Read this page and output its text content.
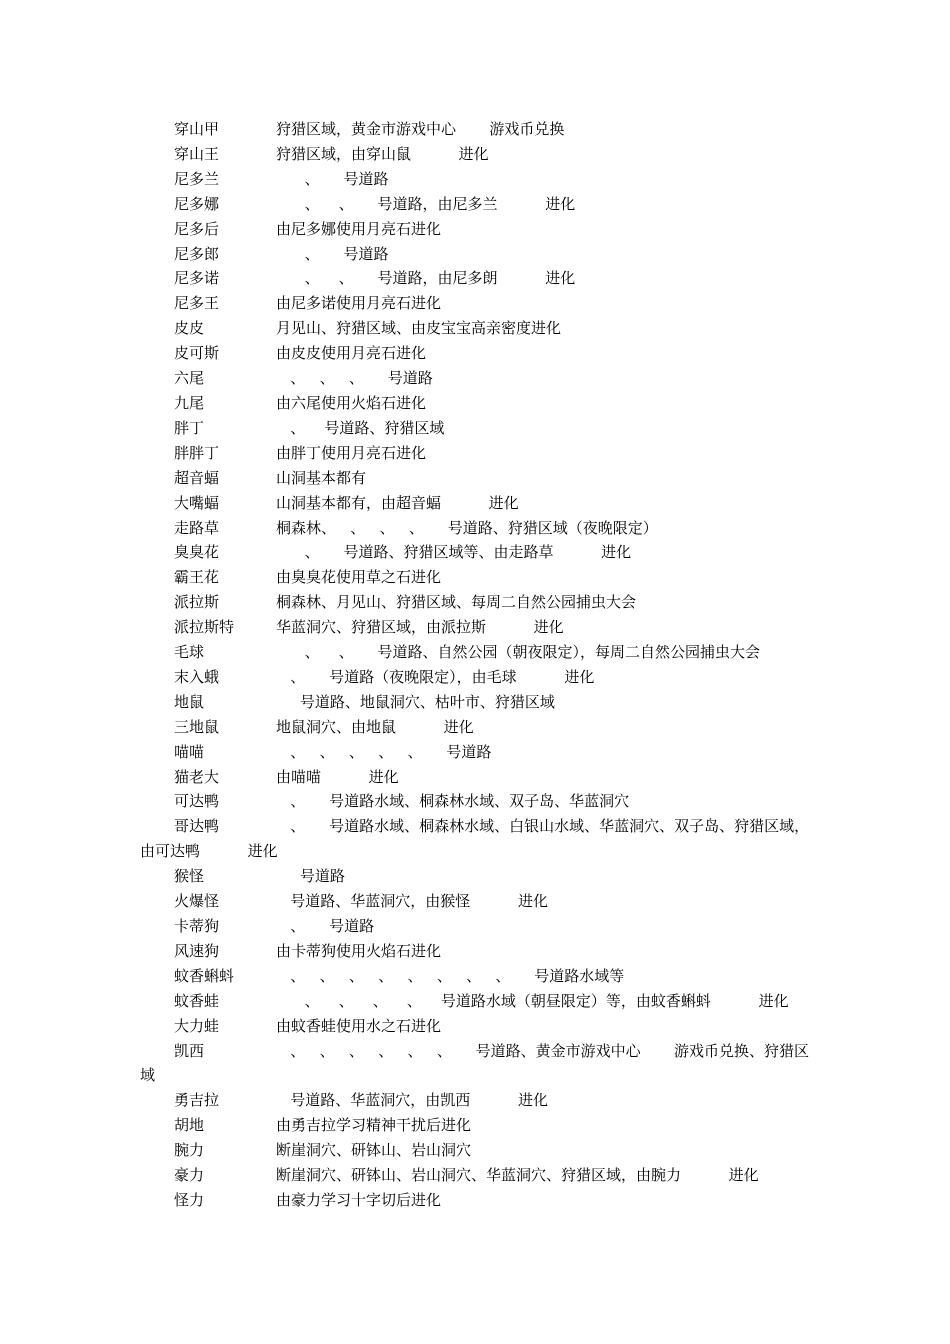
穿山甲	狩猎区域，黄金市游戏中心       游戏币兑换
穿山王	狩猎区域，由穿山鼠          进化
尼多兰	、     号道路
尼多娜	、    、     号道路，由尼多兰          进化
尼多后	由尼多娜使用月亮石进化
尼多郎	、     号道路
尼多诺	、    、     号道路，由尼多朗          进化
尼多王	由尼多诺使用月亮石进化
皮皮	月见山、狩猎区域、由皮宝宝高亲密度进化
皮可斯	由皮皮使用月亮石进化
六尾	、   、   、     号道路
九尾	由六尾使用火焰石进化
胖丁	、    号道路、狩猎区域
胖胖丁	由胖丁使用月亮石进化
超音蝠	山洞基本都有
大嘴蝠	山洞基本都有，由超音蝠          进化
走路草	桐森林、   、   、   、     号道路、狩猎区域（夜晚限定）
臭臭花	、     号道路、狩猎区域等、由走路草          进化
霸王花	由臭臭花使用草之石进化
派拉斯	桐森林、月见山、狩猎区域、每周二自然公园捕虫大会
派拉斯特	华蓝洞穴、狩猎区域，由派拉斯          进化
毛球	、    、     号道路、自然公园（朝夜限定），每周二自然公园捕虫大会
末入蛾	、     号道路（夜晚限定），由毛球          进化
地鼠	号道路、地鼠洞穴、枯叶市、狩猎区域
三地鼠	地鼠洞穴、由地鼠          进化
喵喵	、   、   、   、   、     号道路
猫老大	由喵喵          进化
可达鸭	、     号道路水域、桐森林水域、双子岛、华蓝洞穴
哥达鸭	、     号道路水域、桐森林水域、白银山水域、华蓝洞穴、双子岛、狩猎区域，由可达鸭          进化
猴怪	号道路
火爆怪	号道路、华蓝洞穴，由猴怪          进化
卡蒂狗	、     号道路
风速狗	由卡蒂狗使用火焰石进化
蚊香蝌蚪	、   、   、   、   、   、   、   、     号道路水域等
蚊香蛙	、    、    、    、    号道路水域（朝昼限定）等，由蚊香蝌蚪          进化
大力蛙	由蚊香蛙使用水之石进化
凯西	、   、   、   、   、   、     号道路、黄金市游戏中心       游戏币兑换、狩猎区域
勇吉拉	号道路、华蓝洞穴，由凯西          进化
胡地	由勇吉拉学习精神干扰后进化
腕力	断崖洞穴、研钵山、岩山洞穴
豪力	断崖洞穴、研钵山、岩山洞穴、华蓝洞穴、狩猎区域，由腕力          进化
怪力	由豪力学习十字切后进化
